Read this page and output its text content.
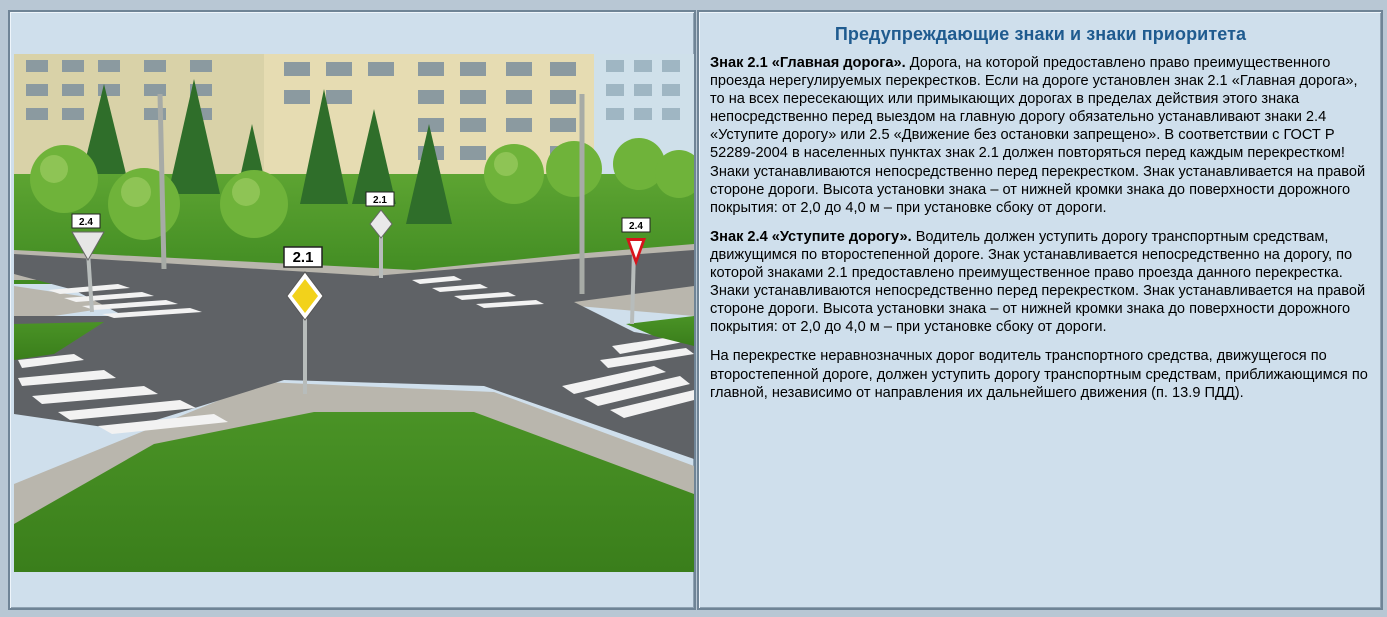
2.1
2.1
2.4	2.4
Предупреждающие знаки и знаки приоритета

Знак 2.1 «Главная дорога». Дорога, на которой предоставлено право преимущественного проезда нерегулируемых перекрестков. Если на дороге установлен знак 2.1 «Главная дорога», то на всех пересекающих или примыкающих дорогах в пределах действия этого знака непосредственно перед выездом на главную дорогу обязательно устанавливают знаки 2.4 «Уступите дорогу» или 2.5 «Движение без остановки запрещено». В соответствии с ГОСТ Р 52289-2004 в населенных пунктах знак 2.1 должен повторяться перед каждым перекрестком! Знаки устанавливаются непосредственно перед перекрестком. Знак устанавливается на правой стороне дороги. Высота установки знака – от нижней кромки знака до поверхности дорожного покрытия: от 2,0 до 4,0 м – при установке сбоку от дороги.

Знак 2.4 «Уступите дорогу». Водитель должен уступить дорогу транспортным средствам, движущимся по второстепенной дороге. Знак устанавливается непосредственно на дорогу, по которой знаками 2.1 предоставлено преимущественное право проезда данного перекрестка. Знаки устанавливаются непосредственно перед перекрестком. Знак устанавливается на правой стороне дороги. Высота установки знака – от нижней кромки знака до поверхности дорожного покрытия: от 2,0 до 4,0 м – при установке сбоку от дороги.

На перекрестке неравнозначных дорог водитель транспортного средства, движущегося по второстепенной дороге, должен уступить дорогу транспортным средствам, приближающимся по главной, независимо от направления их дальнейшего движения (п. 13.9 ПДД).
